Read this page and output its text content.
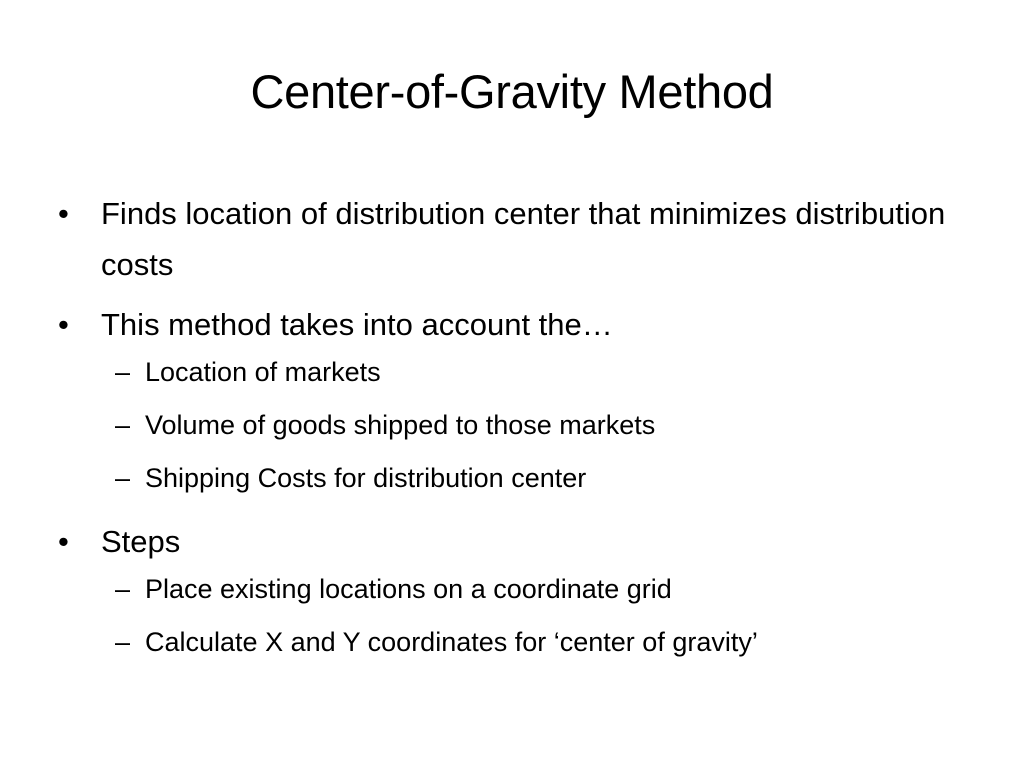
Center-of-Gravity Method
•	Finds location of distribution center that minimizes distribution costs
•	This method takes into account the…
– Location of markets
– Volume of goods shipped to those markets
– Shipping Costs for distribution center
•	Steps
– Place existing locations on a coordinate grid
– Calculate X and Y coordinates for ‘center of gravity’
